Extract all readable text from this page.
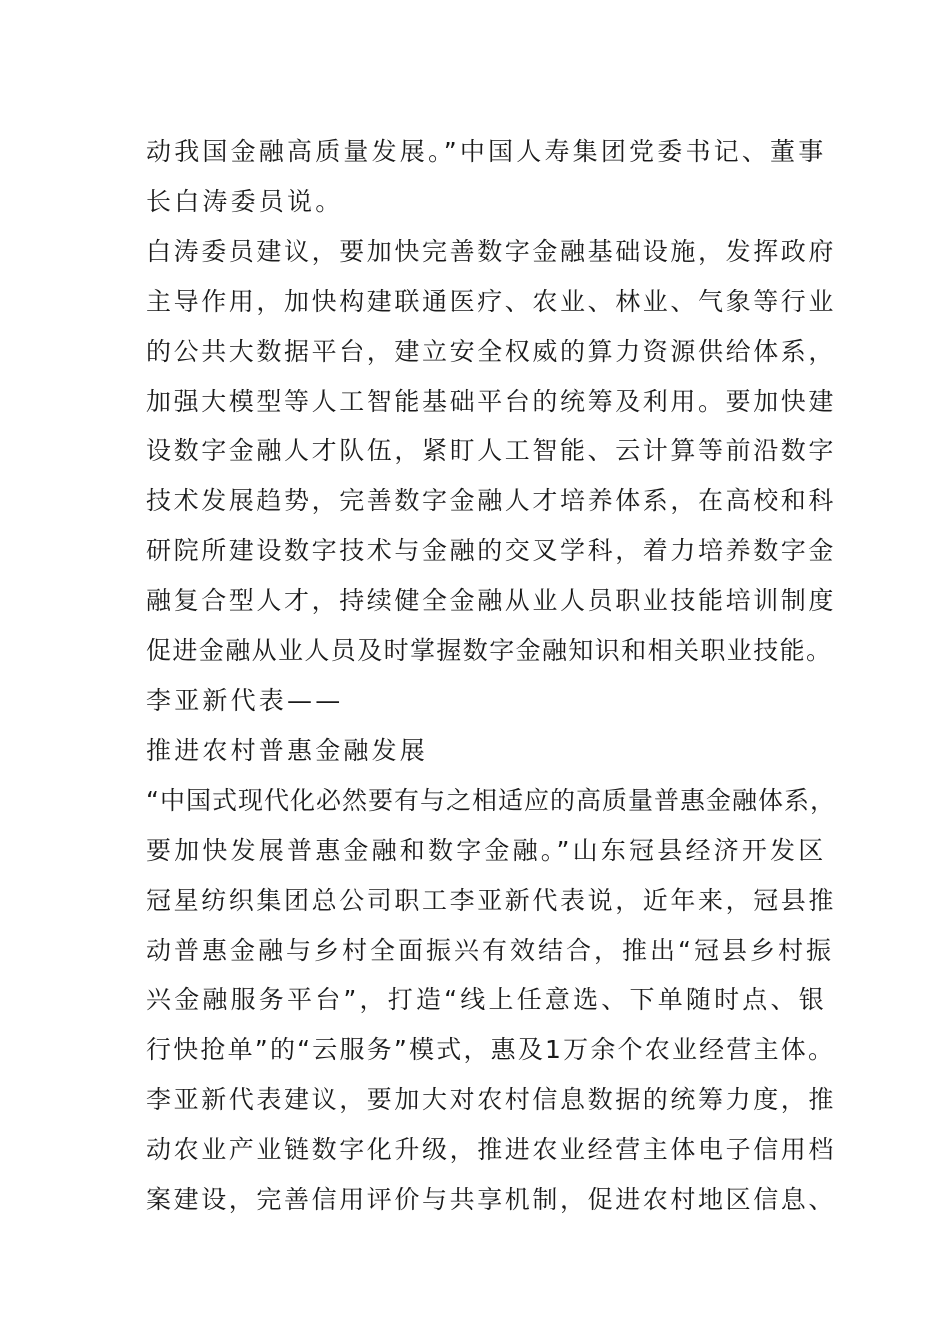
动我国金融高质量发展。”中国人寿集团党委书记、董事

长白涛委员说。

白涛委员建议，要加快完善数字金融基础设施，发挥政府

主导作用，加快构建联通医疗、农业、林业、气象等行业

的公共大数据平台，建立安全权威的算力资源供给体系，

加强大模型等人工智能基础平台的统筹及利用。要加快建

设数字金融人才队伍，紧盯人工智能、云计算等前沿数字

技术发展趋势，完善数字金融人才培养体系，在高校和科

研院所建设数字技术与金融的交叉学科，着力培养数字金

融复合型人才，持续健全金融从业人员职业技能培训制度

促进金融从业人员及时掌握数字金融知识和相关职业技能。

李亚新代表——

推进农村普惠金融发展

“中国式现代化必然要有与之相适应的高质量普惠金融体系，

要加快发展普惠金融和数字金融。”山东冠县经济开发区

冠星纺织集团总公司职工李亚新代表说，近年来，冠县推

动普惠金融与乡村全面振兴有效结合，推出“冠县乡村振

兴金融服务平台”，打造“线上任意选、下单随时点、银

行快抢单”的“云服务”模式，惠及1万余个农业经营主体。

李亚新代表建议，要加大对农村信息数据的统筹力度，推

动农业产业链数字化升级，推进农业经营主体电子信用档

案建设，完善信用评价与共享机制，促进农村地区信息、
